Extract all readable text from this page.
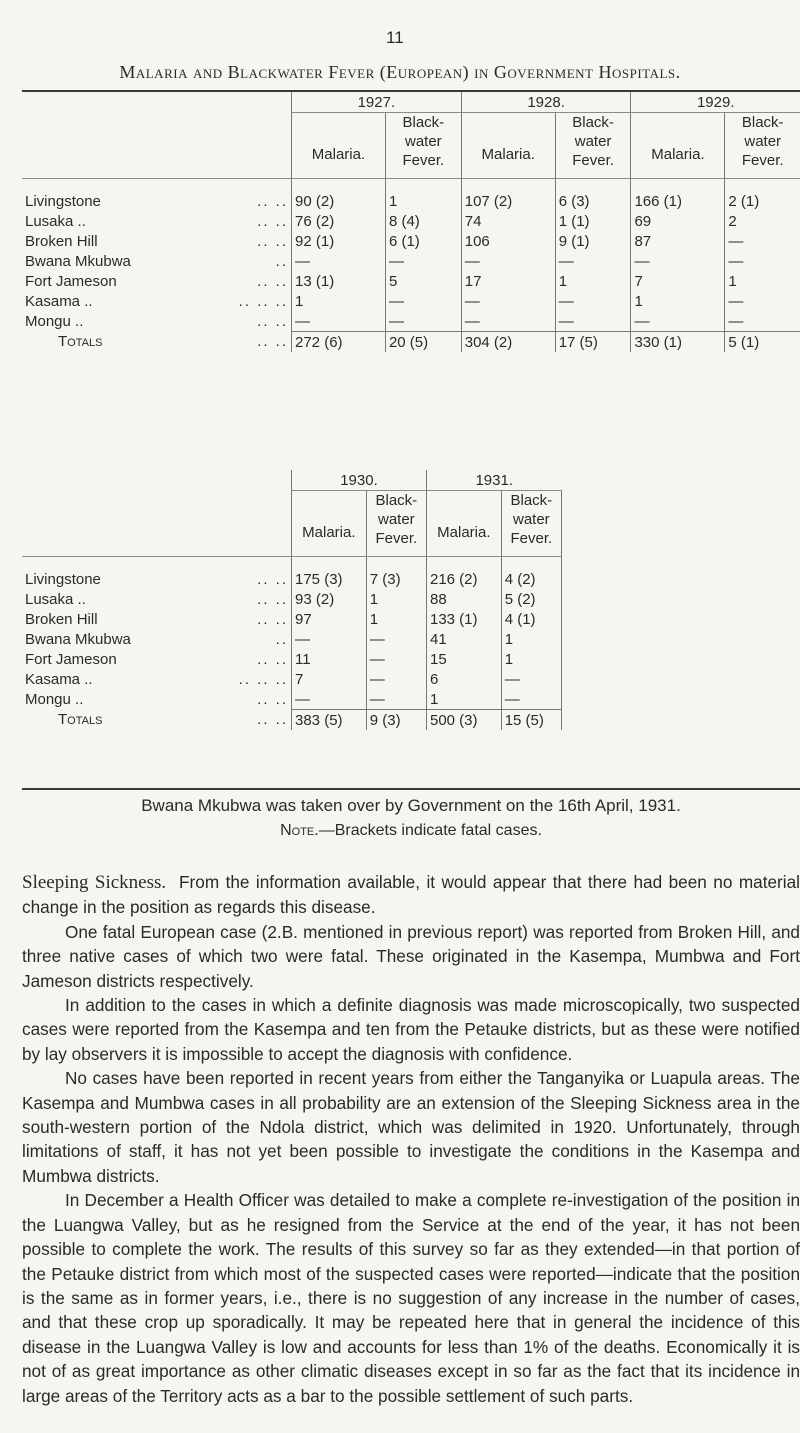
11
Malaria and Blackwater Fever (European) in Government Hospitals.
	1927.		1928.		1929.	
	Malaria.	Black-
water
Fever.	Malaria.	Black-
water
Fever.	Malaria.	Black-
water
Fever.
Livingstone .. ..	90 (2)	1	107 (2)	6 (3)	166 (1)	2 (1)
Lusaka .. .. ..	76 (2)	8 (4)	74	1 (1)	69	2
Broken Hill .. ..	92 (1)	6 (1)	106	9 (1)	87	—
Bwana Mkubwa ..	—	—	—	—	—	—
Fort Jameson .. ..	13 (1)	5	17	1	7	1
Kasama .. .. .. ..	1	—	—	—	1	—
Mongu .. .. ..	—	—	—	—	—	—
Totals .. ..	272 (6)	20 (5)	304 (2)	17 (5)	330 (1)	5 (1)
	1930.		1931.	
	Malaria.	Black-
water
Fever.	Malaria.	Black-
water
Fever.
Livingstone .. ..	175 (3)	7 (3)	216 (2)	4 (2)
Lusaka .. .. ..	93 (2)	1	88	5 (2)
Broken Hill .. ..	97	1	133 (1)	4 (1)
Bwana Mkubwa ..	—	—	41	1
Fort Jameson .. ..	11	—	15	1
Kasama .. .. .. ..	7	—	6	—
Mongu .. .. ..	—	—	1	—
Totals .. ..	383 (5)	9 (3)	500 (3)	15 (5)
Bwana Mkubwa was taken over by Government on the 16th April, 1931.
Note.—Brackets indicate fatal cases.

Sleeping Sickness. From the information available, it would appear that there had been no material change in the position as regards this disease.

One fatal European case (2.B. mentioned in previous report) was reported from Broken Hill, and three native cases of which two were fatal. These originated in the Kasempa, Mumbwa and Fort Jameson districts respectively.

In addition to the cases in which a definite diagnosis was made microscopically, two suspected cases were reported from the Kasempa and ten from the Petauke districts, but as these were notified by lay observers it is impossible to accept the diagnosis with confidence.

No cases have been reported in recent years from either the Tanganyika or Luapula areas. The Kasempa and Mumbwa cases in all probability are an extension of the Sleeping Sickness area in the south-western portion of the Ndola district, which was delimited in 1920. Unfortunately, through limitations of staff, it has not yet been possible to investigate the conditions in the Kasempa and Mumbwa districts.

In December a Health Officer was detailed to make a complete re-investigation of the position in the Luangwa Valley, but as he resigned from the Service at the end of the year, it has not been possible to complete the work. The results of this survey so far as they extended—in that portion of the Petauke district from which most of the suspected cases were reported—indicate that the position is the same as in former years, i.e., there is no suggestion of any increase in the number of cases, and that these crop up sporadically. It may be repeated here that in general the incidence of this disease in the Luangwa Valley is low and accounts for less than 1% of the deaths. Economically it is not of as great importance as other climatic diseases except in so far as the fact that its incidence in large areas of the Territory acts as a bar to the possible settlement of such parts.
